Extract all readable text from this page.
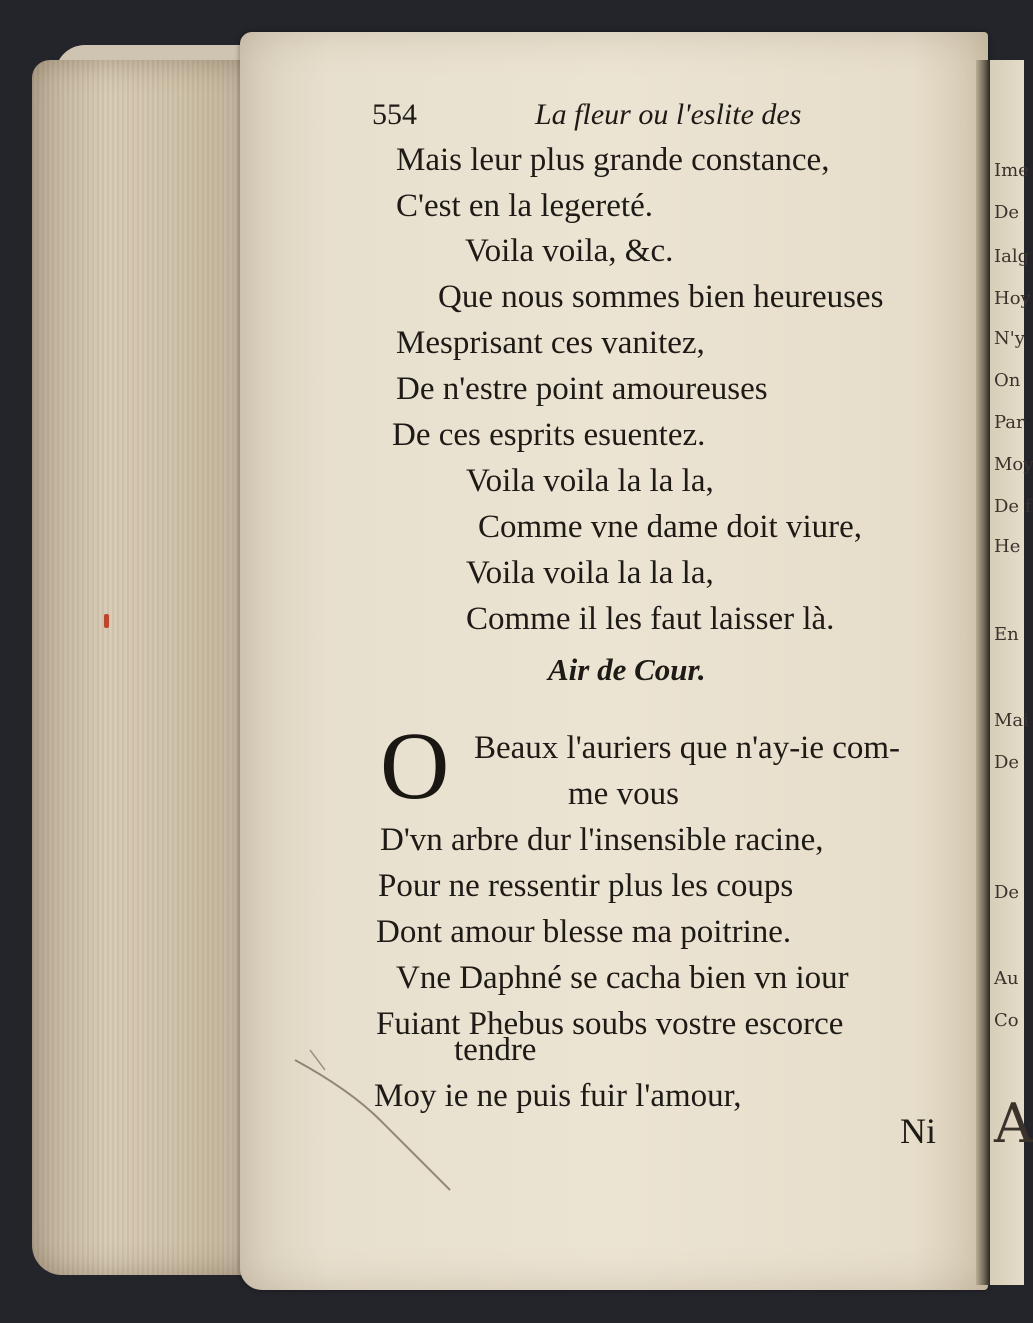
Ime
De
Ialg
Hoy
N'y
On
Par
Moy
De f
He
En
Mai
De
De
Au
Co
A
554	La fleur ou l'eslite des
Mais leur plus grande constance,
C'est en la legereté.
Voila voila, &c.
Que nous sommes bien heureuses
Mesprisant ces vanitez,
De n'estre point amoureuses
De ces esprits esuentez.
Voila voila la la la,
Comme vne dame doit viure,
Voila voila la la la,
Comme il les faut laisser là.
Air de Cour.
O Beaux l'auriers que n'ay-ie com-
me vous
D'vn arbre dur l'insensible racine,
Pour ne ressentir plus les coups
Dont amour blesse ma poitrine.
Vne Daphné se cacha bien vn iour
Fuiant Phebus soubs vostre escorce
tendre
Moy ie ne puis fuir l'amour,
Ni
